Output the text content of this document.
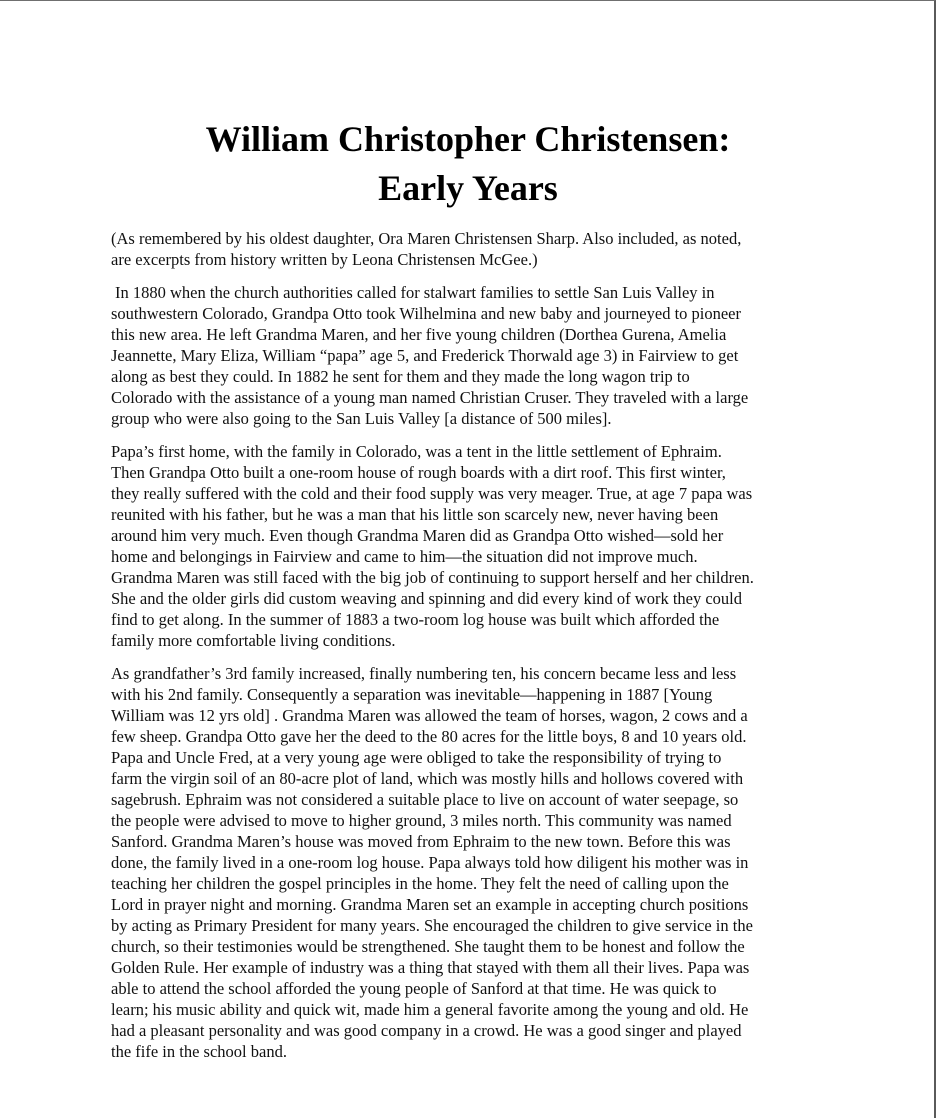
William Christopher Christensen:
Early Years

(As remembered by his oldest daughter, Ora Maren Christensen Sharp. Also included, as noted,
are excerpts from history written by Leona Christensen McGee.)

In 1880 when the church authorities called for stalwart families to settle San Luis Valley in
southwestern Colorado, Grandpa Otto took Wilhelmina and new baby and journeyed to pioneer
this new area. He left Grandma Maren, and her five young children (Dorthea Gurena, Amelia
Jeannette, Mary Eliza, William “papa” age 5, and Frederick Thorwald age 3) in Fairview to get
along as best they could. In 1882 he sent for them and they made the long wagon trip to
Colorado with the assistance of a young man named Christian Cruser. They traveled with a large
group who were also going to the San Luis Valley [a distance of 500 miles].

Papa’s first home, with the family in Colorado, was a tent in the little settlement of Ephraim.
Then Grandpa Otto built a one-room house of rough boards with a dirt roof. This first winter,
they really suffered with the cold and their food supply was very meager. True, at age 7 papa was
reunited with his father, but he was a man that his little son scarcely new, never having been
around him very much. Even though Grandma Maren did as Grandpa Otto wished—sold her
home and belongings in Fairview and came to him—the situation did not improve much.
Grandma Maren was still faced with the big job of continuing to support herself and her children.
She and the older girls did custom weaving and spinning and did every kind of work they could
find to get along. In the summer of 1883 a two-room log house was built which afforded the
family more comfortable living conditions.

As grandfather’s 3rd family increased, finally numbering ten, his concern became less and less
with his 2nd family. Consequently a separation was inevitable—happening in 1887 [Young
William was 12 yrs old] . Grandma Maren was allowed the team of horses, wagon, 2 cows and a
few sheep. Grandpa Otto gave her the deed to the 80 acres for the little boys, 8 and 10 years old.
Papa and Uncle Fred, at a very young age were obliged to take the responsibility of trying to
farm the virgin soil of an 80-acre plot of land, which was mostly hills and hollows covered with
sagebrush. Ephraim was not considered a suitable place to live on account of water seepage, so
the people were advised to move to higher ground, 3 miles north. This community was named
Sanford. Grandma Maren’s house was moved from Ephraim to the new town. Before this was
done, the family lived in a one-room log house. Papa always told how diligent his mother was in
teaching her children the gospel principles in the home. They felt the need of calling upon the
Lord in prayer night and morning. Grandma Maren set an example in accepting church positions
by acting as Primary President for many years. She encouraged the children to give service in the
church, so their testimonies would be strengthened. She taught them to be honest and follow the
Golden Rule. Her example of industry was a thing that stayed with them all their lives. Papa was
able to attend the school afforded the young people of Sanford at that time. He was quick to
learn; his music ability and quick wit, made him a general favorite among the young and old. He
had a pleasant personality and was good company in a crowd. He was a good singer and played
the fife in the school band.
